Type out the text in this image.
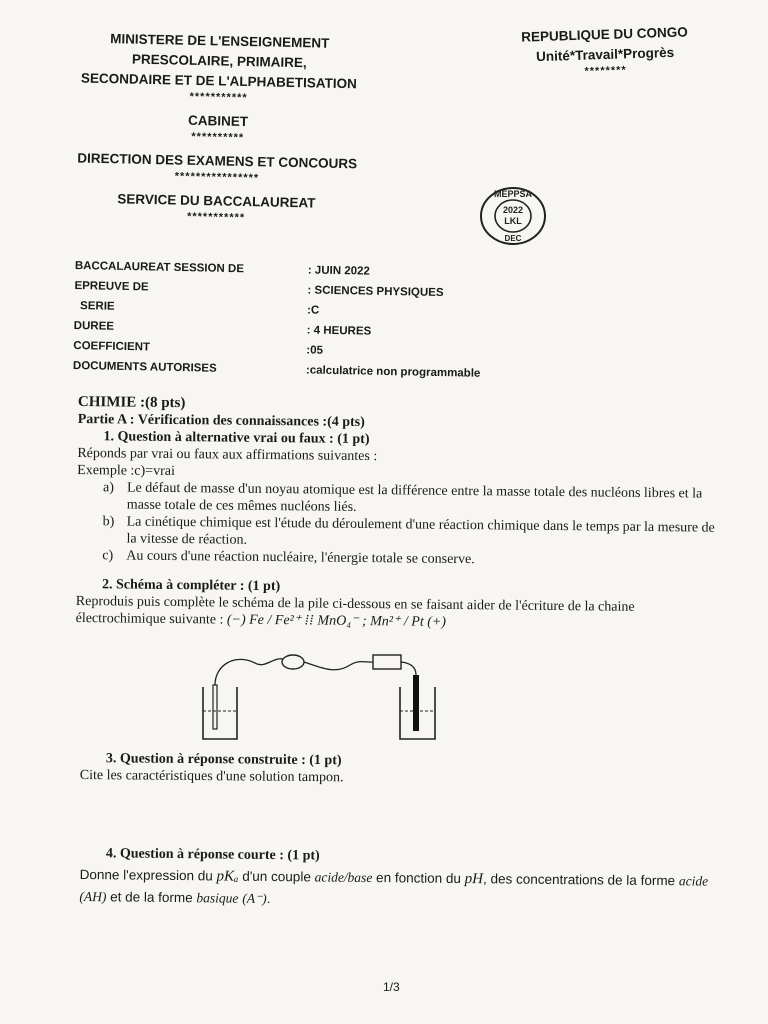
MINISTERE DE L'ENSEIGNEMENT
PRESCOLAIRE, PRIMAIRE,
SECONDAIRE ET DE L'ALPHABETISATION
***********
CABINET
**********
DIRECTION DES EXAMENS ET CONCOURS
****************
SERVICE DU BACCALAUREAT
***********
REPUBLIQUE DU CONGO
Unité*Travail*Progrès
********
MEPPSA
2022
LKL
DEC
BACCALAUREAT SESSION DE	: JUIN 2022
EPREUVE DE	: SCIENCES PHYSIQUES
SERIE	:C
DUREE	: 4 HEURES
COEFFICIENT	:05
DOCUMENTS AUTORISES	:calculatrice non programmable
CHIMIE :(8 pts)
Partie A : Vérification des connaissances :(4 pts)
1. Question à alternative vrai ou faux : (1 pt)
Réponds par vrai ou faux aux affirmations suivantes :
Exemple :c)=vrai
a) Le défaut de masse d'un noyau atomique est la différence entre la masse totale des nucléons libres et la masse totale de ces mêmes nucléons liés.
b) La cinétique chimique est l'étude du déroulement d'une réaction chimique dans le temps par la mesure de la vitesse de réaction.
c) Au cours d'une réaction nucléaire, l'énergie totale se conserve.
2. Schéma à compléter : (1 pt)
Reproduis puis complète le schéma de la pile ci-dessous en se faisant aider de l'écriture de la chaine électrochimique suivante : (−) Fe / Fe²⁺ ⁞⁞ MnO₄⁻ ; Mn²⁺ / Pt (+)
3. Question à réponse construite : (1 pt)
Cite les caractéristiques d'une solution tampon.
4. Question à réponse courte : (1 pt)
Donne l'expression du pKₐ d'un couple acide/base en fonction du pH, des concentrations de la forme acide (AH) et de la forme basique (A⁻).
1/3
